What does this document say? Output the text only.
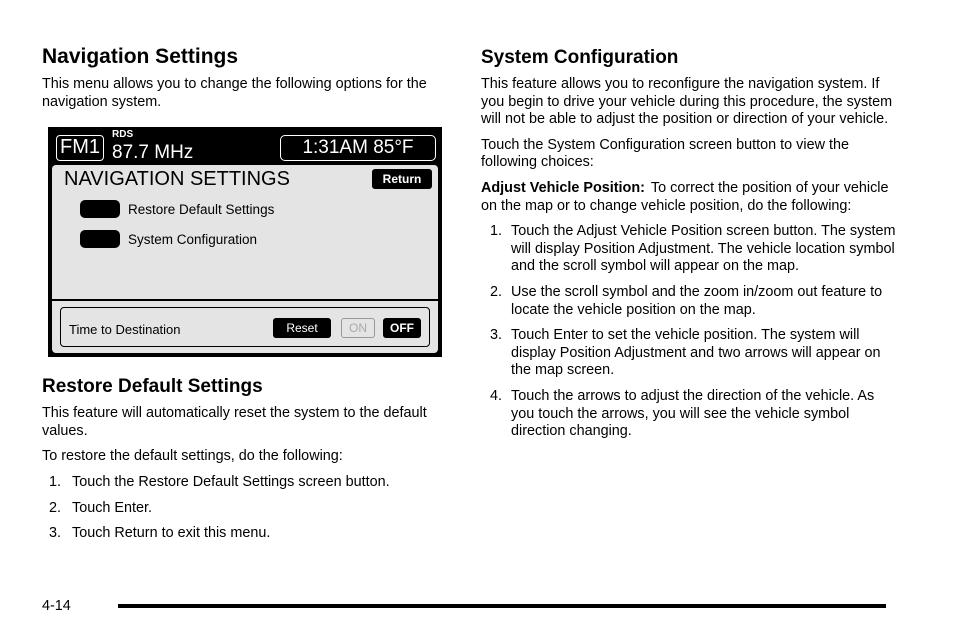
Navigation Settings

This menu allows you to change the following options for the navigation system.

FM1
RDS
87.7 MHz	1:31AM 85°F
NAVIGATION SETTINGS	Return
Restore Default Settings
System Configuration
Time to Destination	Reset	ON	OFF
Restore Default Settings

This feature will automatically reset the system to the default values.

To restore the default settings, do the following:

1. Touch the Restore Default Settings screen button.
2. Touch Enter.
3. Touch Return to exit this menu.
System Configuration

This feature allows you to reconfigure the navigation system. If you begin to drive your vehicle during this procedure, the system will not be able to adjust the position or direction of your vehicle.

Touch the System Configuration screen button to view the following choices:

Adjust Vehicle Position: To correct the position of your vehicle on the map or to change vehicle position, do the following:

1. Touch the Adjust Vehicle Position screen button. The system will display Position Adjustment. The vehicle location symbol and the scroll symbol will appear on the map.
2. Use the scroll symbol and the zoom in/zoom out feature to locate the vehicle position on the map.
3. Touch Enter to set the vehicle position. The system will display Position Adjustment and two arrows will appear on the map screen.
4. Touch the arrows to adjust the direction of the vehicle. As you touch the arrows, you will see the vehicle symbol direction changing.
4-14
